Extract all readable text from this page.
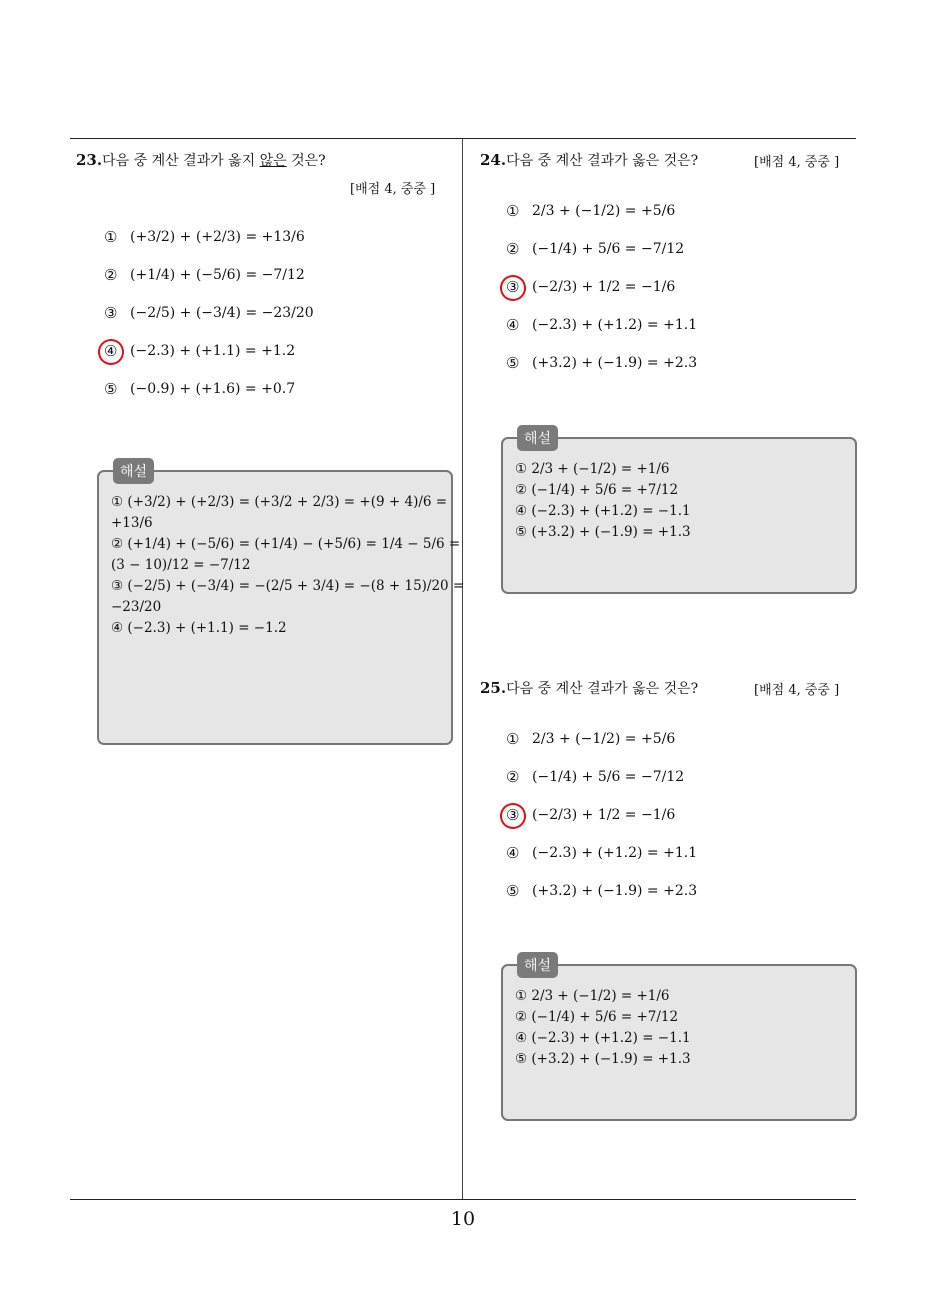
23.다음 중 계산 결과가 옳지 않은 것은?
[배점 4, 중중 ]
① (+3/2) + (+2/3) = +13/6
② (+1/4) + (−5/6) = −7/12
③ (−2/5) + (−3/4) = −23/20
④ (−2.3) + (+1.1) = +1.2
⑤ (−0.9) + (+1.6) = +0.7
해설
① (+3/2) + (+2/3) = (+3/2 + 2/3) = +(9 + 4)/6 =
+13/6
② (+1/4) + (−5/6) = (+1/4) − (+5/6) = 1/4 − 5/6 =
(3 − 10)/12 = −7/12
③ (−2/5) + (−3/4) = −(2/5 + 3/4) = −(8 + 15)/20 =
−23/20
④ (−2.3) + (+1.1) = −1.2
24.다음 중 계산 결과가 옳은 것은?	[배점 4, 중중 ]
① 2/3 + (−1/2) = +5/6
② (−1/4) + 5/6 = −7/12
③ (−2/3) + 1/2 = −1/6
④ (−2.3) + (+1.2) = +1.1
⑤ (+3.2) + (−1.9) = +2.3
해설
① 2/3 + (−1/2) = +1/6
② (−1/4) + 5/6 = +7/12
④ (−2.3) + (+1.2) = −1.1
⑤ (+3.2) + (−1.9) = +1.3
25.다음 중 계산 결과가 옳은 것은?	[배점 4, 중중 ]
① 2/3 + (−1/2) = +5/6
② (−1/4) + 5/6 = −7/12
③ (−2/3) + 1/2 = −1/6
④ (−2.3) + (+1.2) = +1.1
⑤ (+3.2) + (−1.9) = +2.3
해설
① 2/3 + (−1/2) = +1/6
② (−1/4) + 5/6 = +7/12
④ (−2.3) + (+1.2) = −1.1
⑤ (+3.2) + (−1.9) = +1.3
10
